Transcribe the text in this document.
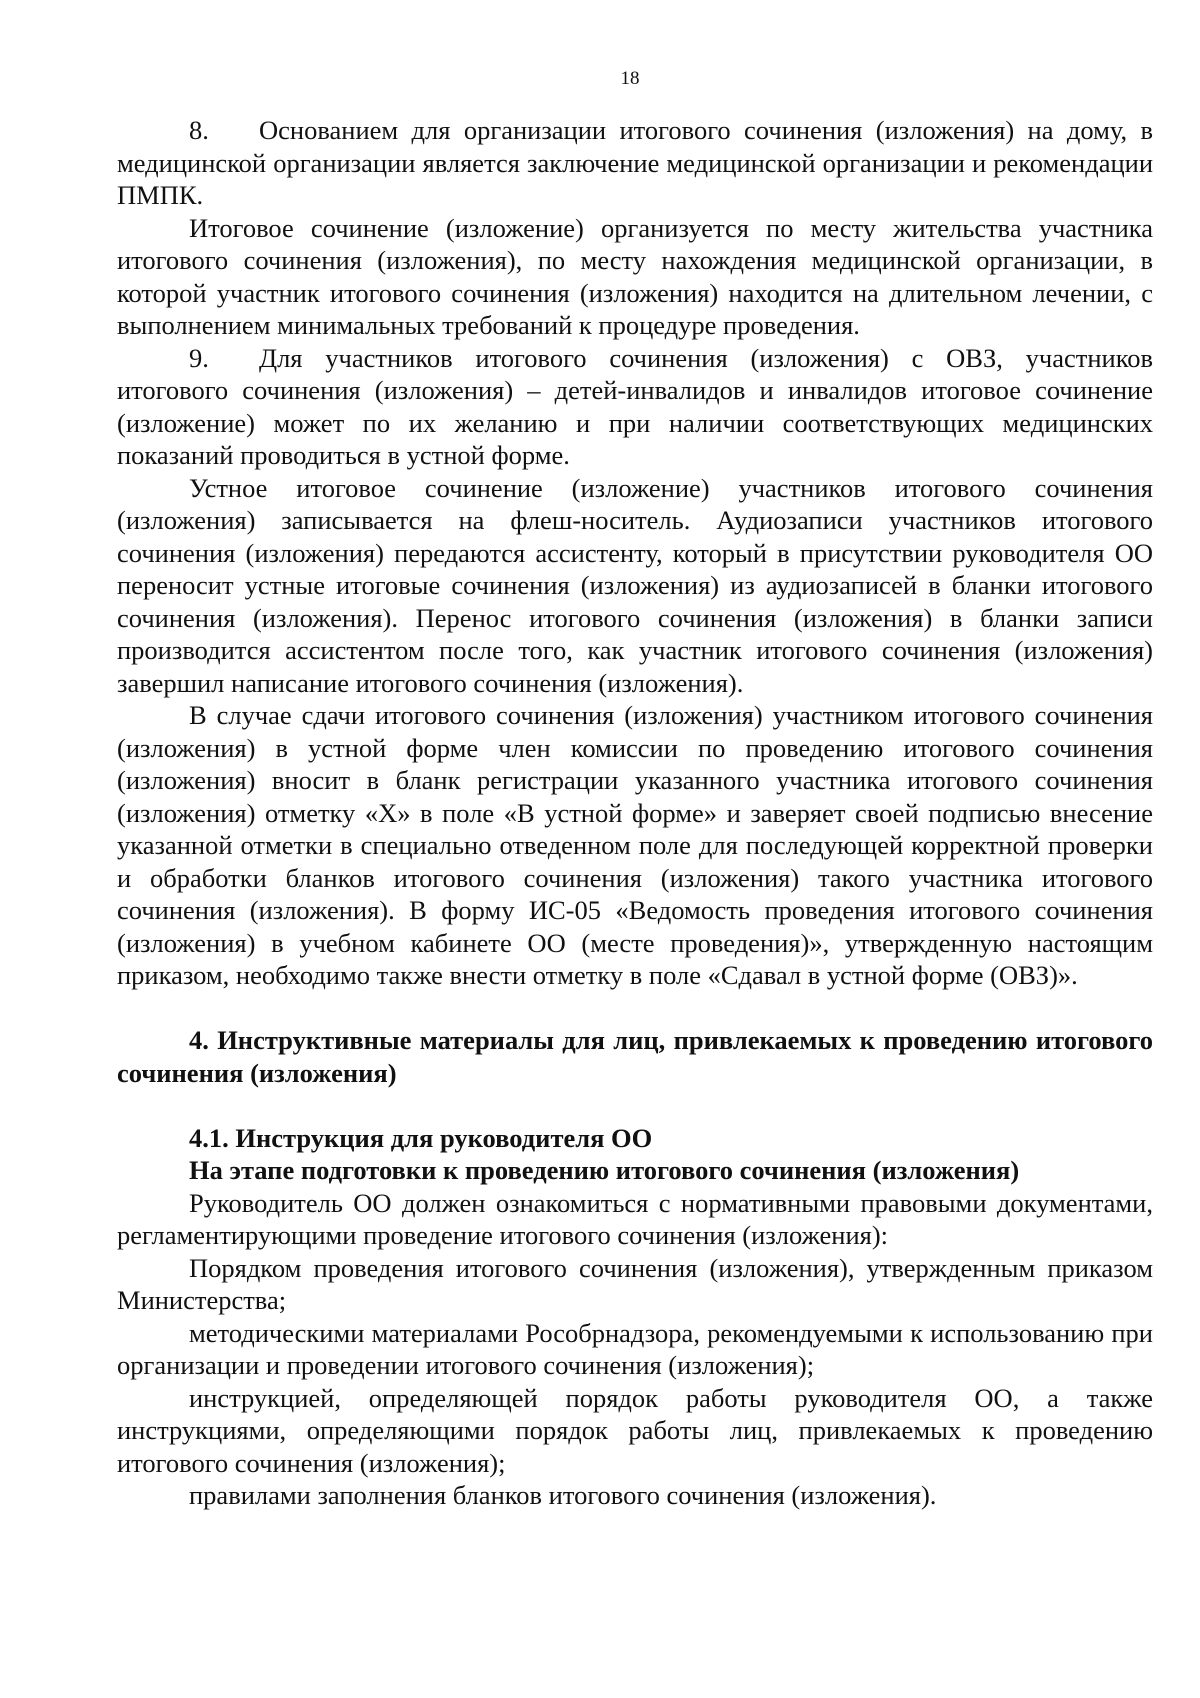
18

8. Основанием для организации итогового сочинения (изложения) на дому, в медицинской организации является заключение медицинской организации и рекомендации ПМПК.

Итоговое сочинение (изложение) организуется по месту жительства участника итогового сочинения (изложения), по месту нахождения медицинской организации, в которой участник итогового сочинения (изложения) находится на длительном лечении, с выполнением минимальных требований к процедуре проведения.

9. Для участников итогового сочинения (изложения) с ОВЗ, участников итогового сочинения (изложения) – детей-инвалидов и инвалидов итоговое сочинение (изложение) может по их желанию и при наличии соответствующих медицинских показаний проводиться в устной форме.

Устное итоговое сочинение (изложение) участников итогового сочинения (изложения) записывается на флеш-носитель. Аудиозаписи участников итогового сочинения (изложения) передаются ассистенту, который в присутствии руководителя ОО переносит устные итоговые сочинения (изложения) из аудиозаписей в бланки итогового сочинения (изложения). Перенос итогового сочинения (изложения) в бланки записи производится ассистентом после того, как участник итогового сочинения (изложения) завершил написание итогового сочинения (изложения).

В случае сдачи итогового сочинения (изложения) участником итогового сочинения (изложения) в устной форме член комиссии по проведению итогового сочинения (изложения) вносит в бланк регистрации указанного участника итогового сочинения (изложения) отметку «Х» в поле «В устной форме» и заверяет своей подписью внесение указанной отметки в специально отведенном поле для последующей корректной проверки и обработки бланков итогового сочинения (изложения) такого участника итогового сочинения (изложения). В форму ИС-05 «Ведомость проведения итогового сочинения (изложения) в учебном кабинете ОО (месте проведения)», утвержденную настоящим приказом, необходимо также внести отметку в поле «Сдавал в устной форме (ОВЗ)».

4. Инструктивные материалы для лиц, привлекаемых к проведению итогового сочинения (изложения)

4.1. Инструкция для руководителя ОО

На этапе подготовки к проведению итогового сочинения (изложения)

Руководитель ОО должен ознакомиться с нормативными правовыми документами, регламентирующими проведение итогового сочинения (изложения):

Порядком проведения итогового сочинения (изложения), утвержденным приказом Министерства;

методическими материалами Рособрнадзора, рекомендуемыми к использованию при организации и проведении итогового сочинения (изложения);

инструкцией, определяющей порядок работы руководителя ОО, а также инструкциями, определяющими порядок работы лиц, привлекаемых к проведению итогового сочинения (изложения);

правилами заполнения бланков итогового сочинения (изложения).
